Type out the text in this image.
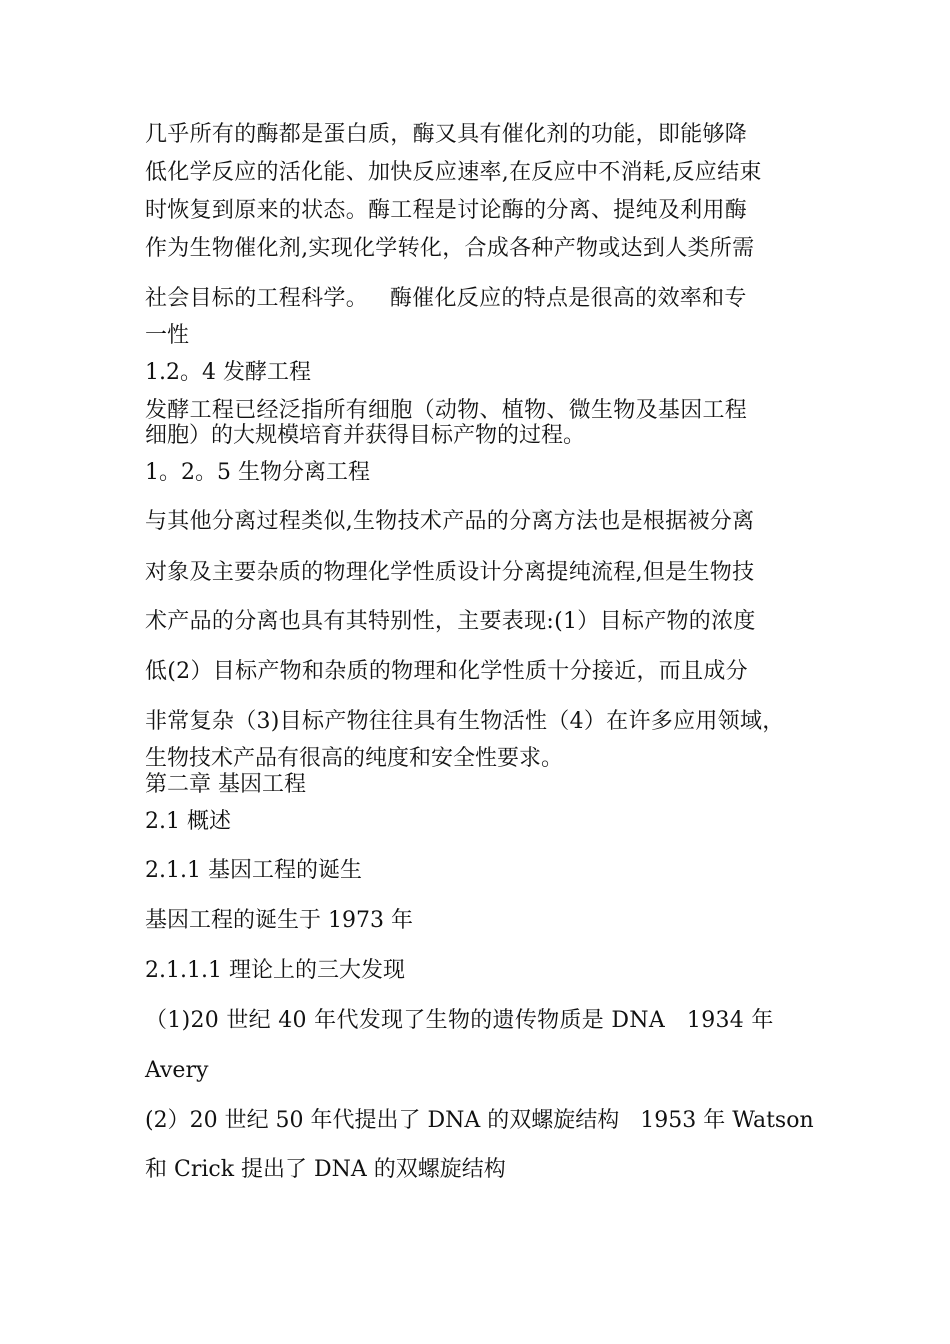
几乎所有的酶都是蛋白质，酶又具有催化剂的功能，即能够降

低化学反应的活化能、加快反应速率,在反应中不消耗,反应结束

时恢复到原来的状态。酶工程是讨论酶的分离、提纯及利用酶

作为生物催化剂,实现化学转化，合成各种产物或达到人类所需

社会目标的工程科学。   酶催化反应的特点是很高的效率和专

一性

1.2。4 发酵工程

发酵工程已经泛指所有细胞（动物、植物、微生物及基因工程

细胞）的大规模培育并获得目标产物的过程。

1。2。5 生物分离工程

与其他分离过程类似,生物技术产品的分离方法也是根据被分离

对象及主要杂质的物理化学性质设计分离提纯流程,但是生物技

术产品的分离也具有其特别性，主要表现:(1）目标产物的浓度

低(2）目标产物和杂质的物理和化学性质十分接近，而且成分

非常复杂（3)目标产物往往具有生物活性（4）在许多应用领域，

生物技术产品有很高的纯度和安全性要求。

第二章 基因工程

2.1 概述

2.1.1 基因工程的诞生

基因工程的诞生于 1973 年

2.1.1.1 理论上的三大发现

（1)20 世纪 40 年代发现了生物的遗传物质是 DNA   1934 年

Avery

(2）20 世纪 50 年代提出了 DNA 的双螺旋结构   1953 年 Watson

和 Crick 提出了 DNA 的双螺旋结构
